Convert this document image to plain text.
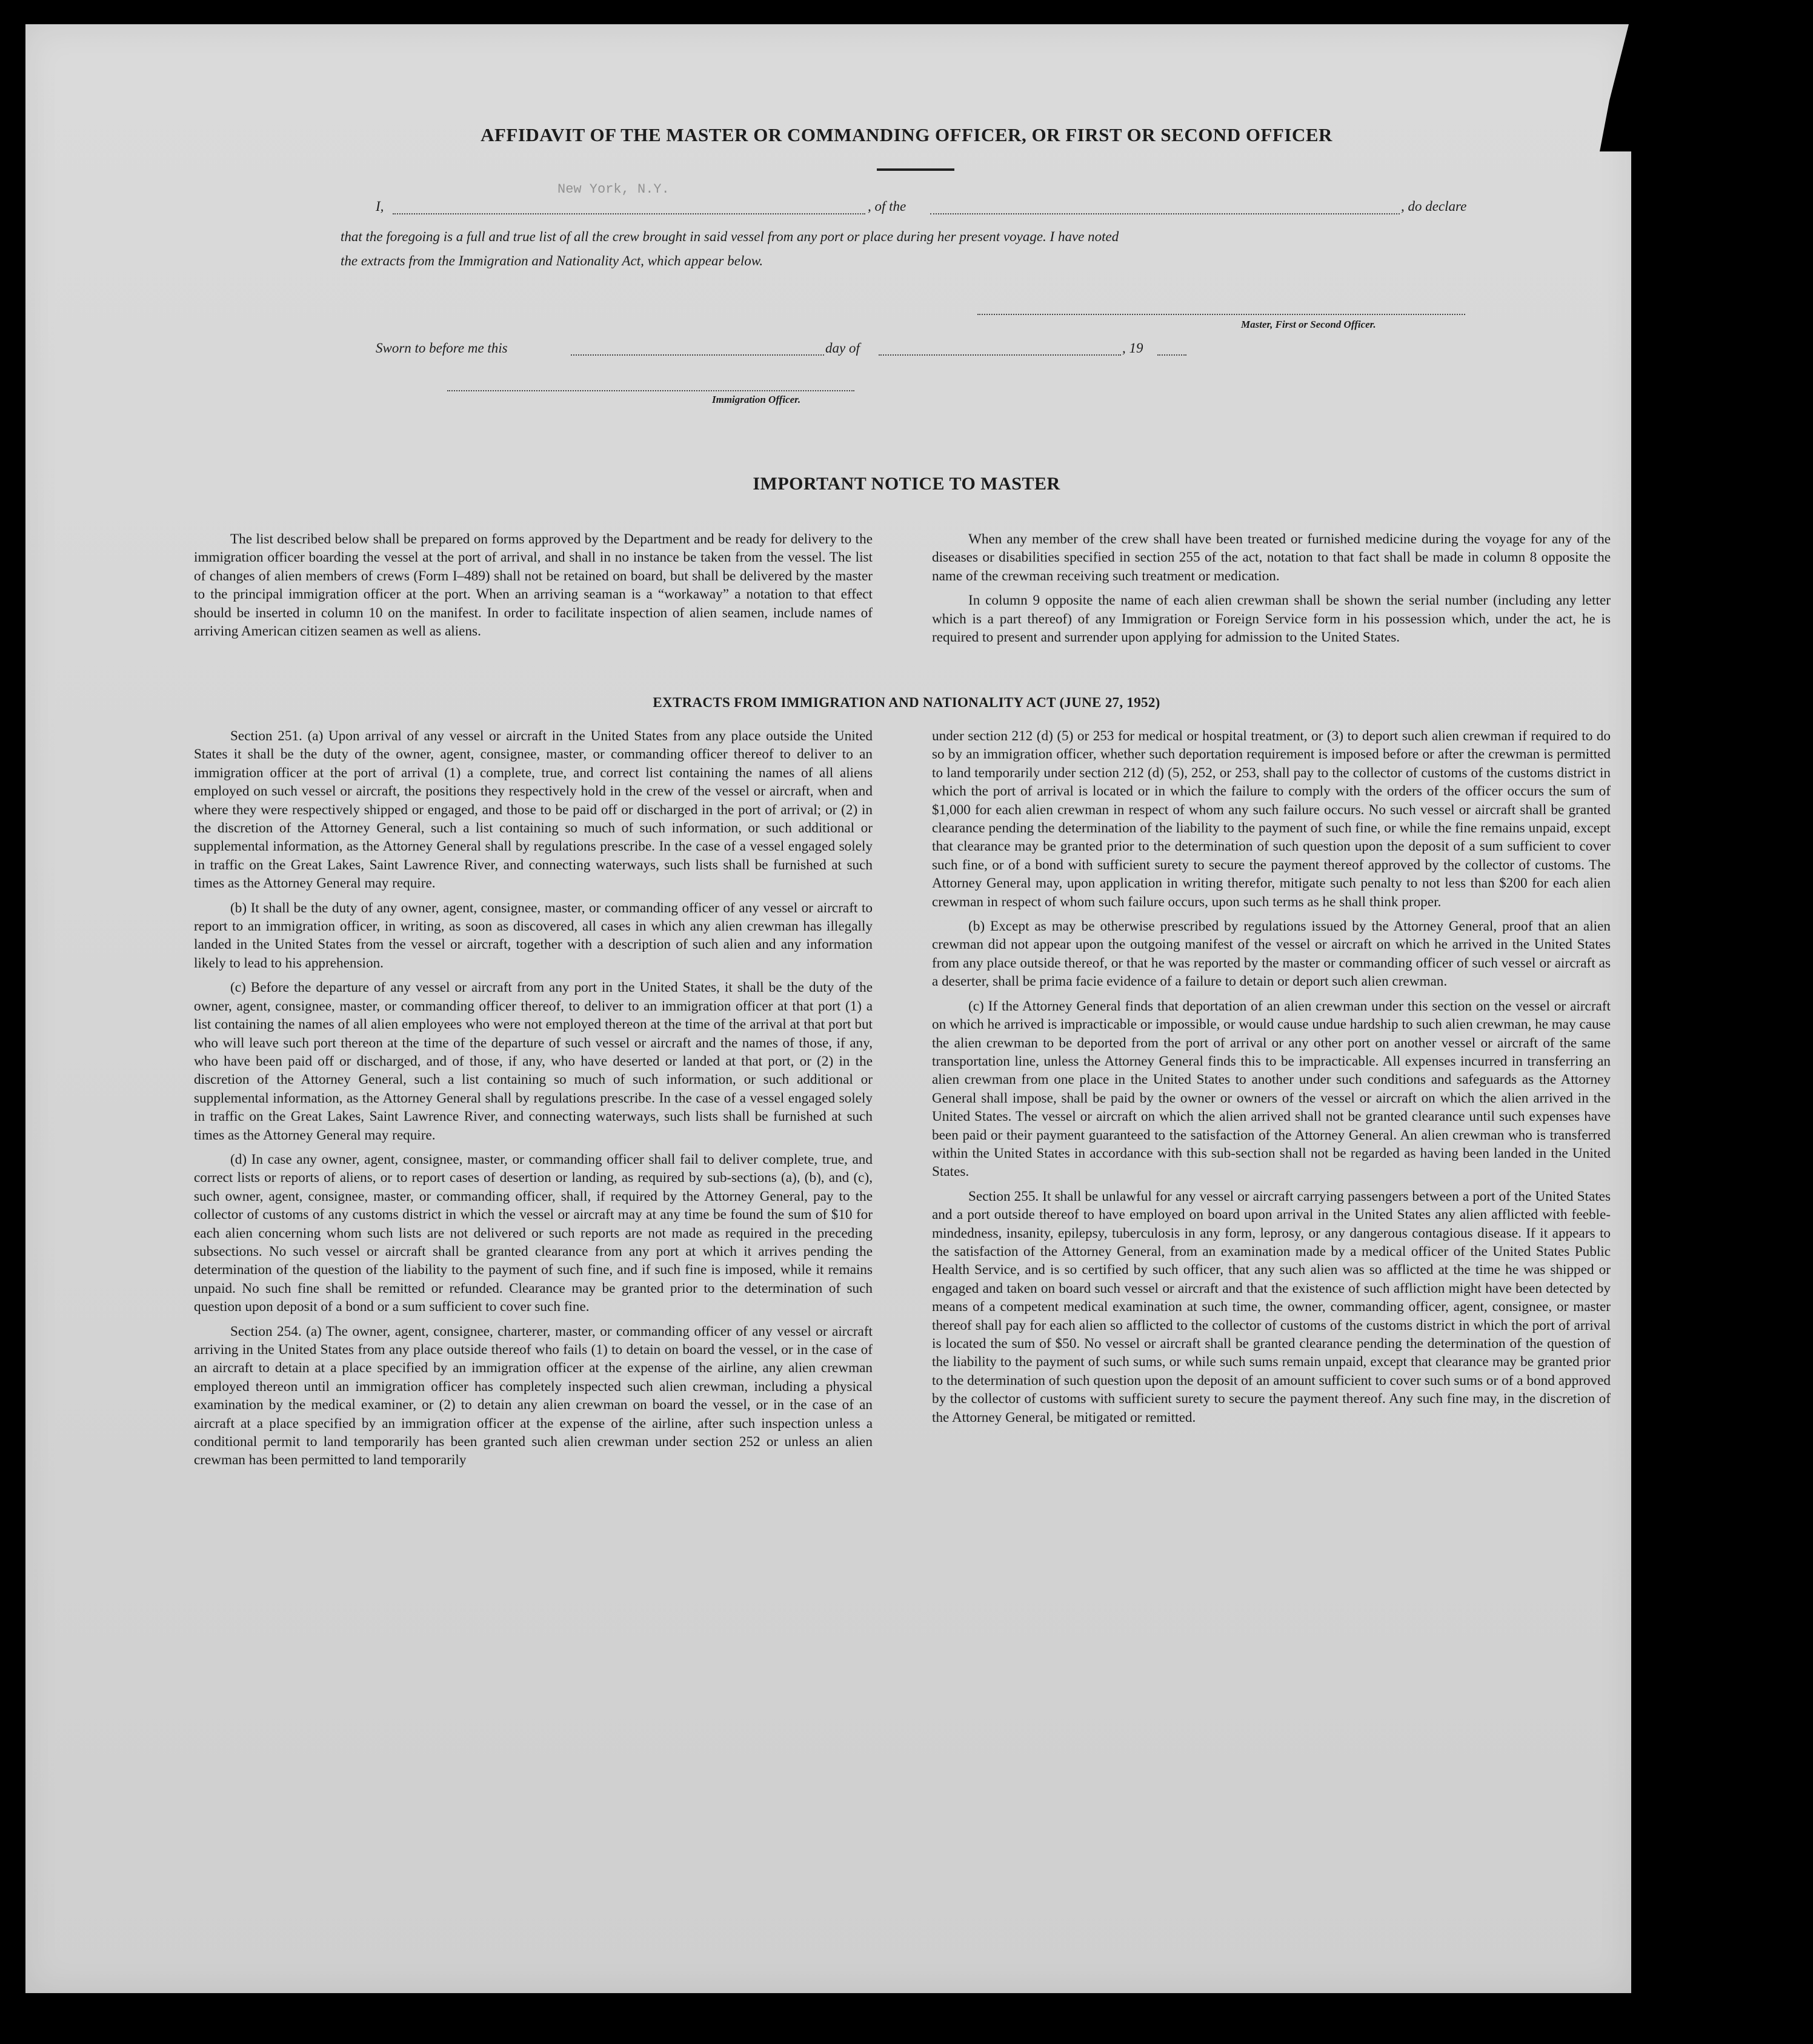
AFFIDAVIT OF THE MASTER OR COMMANDING OFFICER, OR FIRST OR SECOND OFFICER
I,	, of the	, do declare
New York, N.Y.
that the foregoing is a full and true list of all the crew brought in said vessel from any port or place during her present voyage. I have noted
the extracts from the Immigration and Nationality Act, which appear below.
Master, First or Second Officer.
Sworn to before me this	day of	, 19
Immigration Officer.
IMPORTANT NOTICE TO MASTER

The list described below shall be prepared on forms approved by the Department and be ready for delivery to the immigration officer boarding the vessel at the port of arrival, and shall in no instance be taken from the vessel. The list of changes of alien members of crews (Form I–489) shall not be retained on board, but shall be delivered by the master to the principal immigration officer at the port. When an arriving seaman is a “workaway” a notation to that effect should be inserted in column 10 on the manifest. In order to facilitate inspection of alien seamen, include names of arriving American citizen seamen as well as aliens.

When any member of the crew shall have been treated or furnished medicine during the voyage for any of the diseases or disabilities specified in section 255 of the act, notation to that fact shall be made in column 8 opposite the name of the crewman receiving such treatment or medication.

In column 9 opposite the name of each alien crewman shall be shown the serial number (including any letter which is a part thereof) of any Immigration or Foreign Service form in his possession which, under the act, he is required to present and surrender upon applying for admission to the United States.

EXTRACTS FROM IMMIGRATION AND NATIONALITY ACT (JUNE 27, 1952)

Section 251. (a) Upon arrival of any vessel or aircraft in the United States from any place outside the United States it shall be the duty of the owner, agent, consignee, master, or commanding officer thereof to deliver to an immigration officer at the port of arrival (1) a complete, true, and correct list containing the names of all aliens employed on such vessel or aircraft, the positions they respectively hold in the crew of the vessel or aircraft, when and where they were respectively shipped or engaged, and those to be paid off or discharged in the port of arrival; or (2) in the discretion of the Attorney General, such a list containing so much of such information, or such additional or supplemental information, as the Attorney General shall by regulations prescribe. In the case of a vessel engaged solely in traffic on the Great Lakes, Saint Lawrence River, and connecting waterways, such lists shall be furnished at such times as the Attorney General may require.

(b) It shall be the duty of any owner, agent, consignee, master, or commanding officer of any vessel or aircraft to report to an immigration officer, in writing, as soon as discovered, all cases in which any alien crewman has illegally landed in the United States from the vessel or aircraft, together with a description of such alien and any information likely to lead to his apprehension.

(c) Before the departure of any vessel or aircraft from any port in the United States, it shall be the duty of the owner, agent, consignee, master, or commanding officer thereof, to deliver to an immigration officer at that port (1) a list containing the names of all alien employees who were not employed thereon at the time of the arrival at that port but who will leave such port thereon at the time of the departure of such vessel or aircraft and the names of those, if any, who have been paid off or discharged, and of those, if any, who have deserted or landed at that port, or (2) in the discretion of the Attorney General, such a list containing so much of such information, or such additional or supplemental information, as the Attorney General shall by regulations prescribe. In the case of a vessel engaged solely in traffic on the Great Lakes, Saint Lawrence River, and connecting waterways, such lists shall be furnished at such times as the Attorney General may require.

(d) In case any owner, agent, consignee, master, or commanding officer shall fail to deliver complete, true, and correct lists or reports of aliens, or to report cases of desertion or landing, as required by sub-sections (a), (b), and (c), such owner, agent, consignee, master, or commanding officer, shall, if required by the Attorney General, pay to the collector of customs of any customs district in which the vessel or aircraft may at any time be found the sum of $10 for each alien concerning whom such lists are not delivered or such reports are not made as required in the preceding subsections. No such vessel or aircraft shall be granted clearance from any port at which it arrives pending the determination of the question of the liability to the payment of such fine, and if such fine is imposed, while it remains unpaid. No such fine shall be remitted or refunded. Clearance may be granted prior to the determination of such question upon deposit of a bond or a sum sufficient to cover such fine.

Section 254. (a) The owner, agent, consignee, charterer, master, or commanding officer of any vessel or aircraft arriving in the United States from any place outside thereof who fails (1) to detain on board the vessel, or in the case of an aircraft to detain at a place specified by an immigration officer at the expense of the airline, any alien crewman employed thereon until an immigration officer has completely inspected such alien crewman, including a physical examination by the medical examiner, or (2) to detain any alien crewman on board the vessel, or in the case of an aircraft at a place specified by an immigration officer at the expense of the airline, after such inspection unless a conditional permit to land temporarily has been granted such alien crewman under section 252 or unless an alien crewman has been permitted to land temporarily

under section 212 (d) (5) or 253 for medical or hospital treatment, or (3) to deport such alien crewman if required to do so by an immigration officer, whether such deportation requirement is imposed before or after the crewman is permitted to land temporarily under section 212 (d) (5), 252, or 253, shall pay to the collector of customs of the customs district in which the port of arrival is located or in which the failure to comply with the orders of the officer occurs the sum of $1,000 for each alien crewman in respect of whom any such failure occurs. No such vessel or aircraft shall be granted clearance pending the determination of the liability to the payment of such fine, or while the fine remains unpaid, except that clearance may be granted prior to the determination of such question upon the deposit of a sum sufficient to cover such fine, or of a bond with sufficient surety to secure the payment thereof approved by the collector of customs. The Attorney General may, upon application in writing therefor, mitigate such penalty to not less than $200 for each alien crewman in respect of whom such failure occurs, upon such terms as he shall think proper.

(b) Except as may be otherwise prescribed by regulations issued by the Attorney General, proof that an alien crewman did not appear upon the outgoing manifest of the vessel or aircraft on which he arrived in the United States from any place outside thereof, or that he was reported by the master or commanding officer of such vessel or aircraft as a deserter, shall be prima facie evidence of a failure to detain or deport such alien crewman.

(c) If the Attorney General finds that deportation of an alien crewman under this section on the vessel or aircraft on which he arrived is impracticable or impossible, or would cause undue hardship to such alien crewman, he may cause the alien crewman to be deported from the port of arrival or any other port on another vessel or aircraft of the same transportation line, unless the Attorney General finds this to be impracticable. All expenses incurred in transferring an alien crewman from one place in the United States to another under such conditions and safeguards as the Attorney General shall impose, shall be paid by the owner or owners of the vessel or aircraft on which the alien arrived in the United States. The vessel or aircraft on which the alien arrived shall not be granted clearance until such expenses have been paid or their payment guaranteed to the satisfaction of the Attorney General. An alien crewman who is transferred within the United States in accordance with this sub-section shall not be regarded as having been landed in the United States.

Section 255. It shall be unlawful for any vessel or aircraft carrying passengers between a port of the United States and a port outside thereof to have employed on board upon arrival in the United States any alien afflicted with feeble-mindedness, insanity, epilepsy, tuberculosis in any form, leprosy, or any dangerous contagious disease. If it appears to the satisfaction of the Attorney General, from an examination made by a medical officer of the United States Public Health Service, and is so certified by such officer, that any such alien was so afflicted at the time he was shipped or engaged and taken on board such vessel or aircraft and that the existence of such affliction might have been detected by means of a competent medical examination at such time, the owner, commanding officer, agent, consignee, or master thereof shall pay for each alien so afflicted to the collector of customs of the customs district in which the port of arrival is located the sum of $50. No vessel or aircraft shall be granted clearance pending the determination of the question of the liability to the payment of such sums, or while such sums remain unpaid, except that clearance may be granted prior to the determination of such question upon the deposit of an amount sufficient to cover such sums or of a bond approved by the collector of customs with sufficient surety to secure the payment thereof. Any such fine may, in the discretion of the Attorney General, be mitigated or remitted.
